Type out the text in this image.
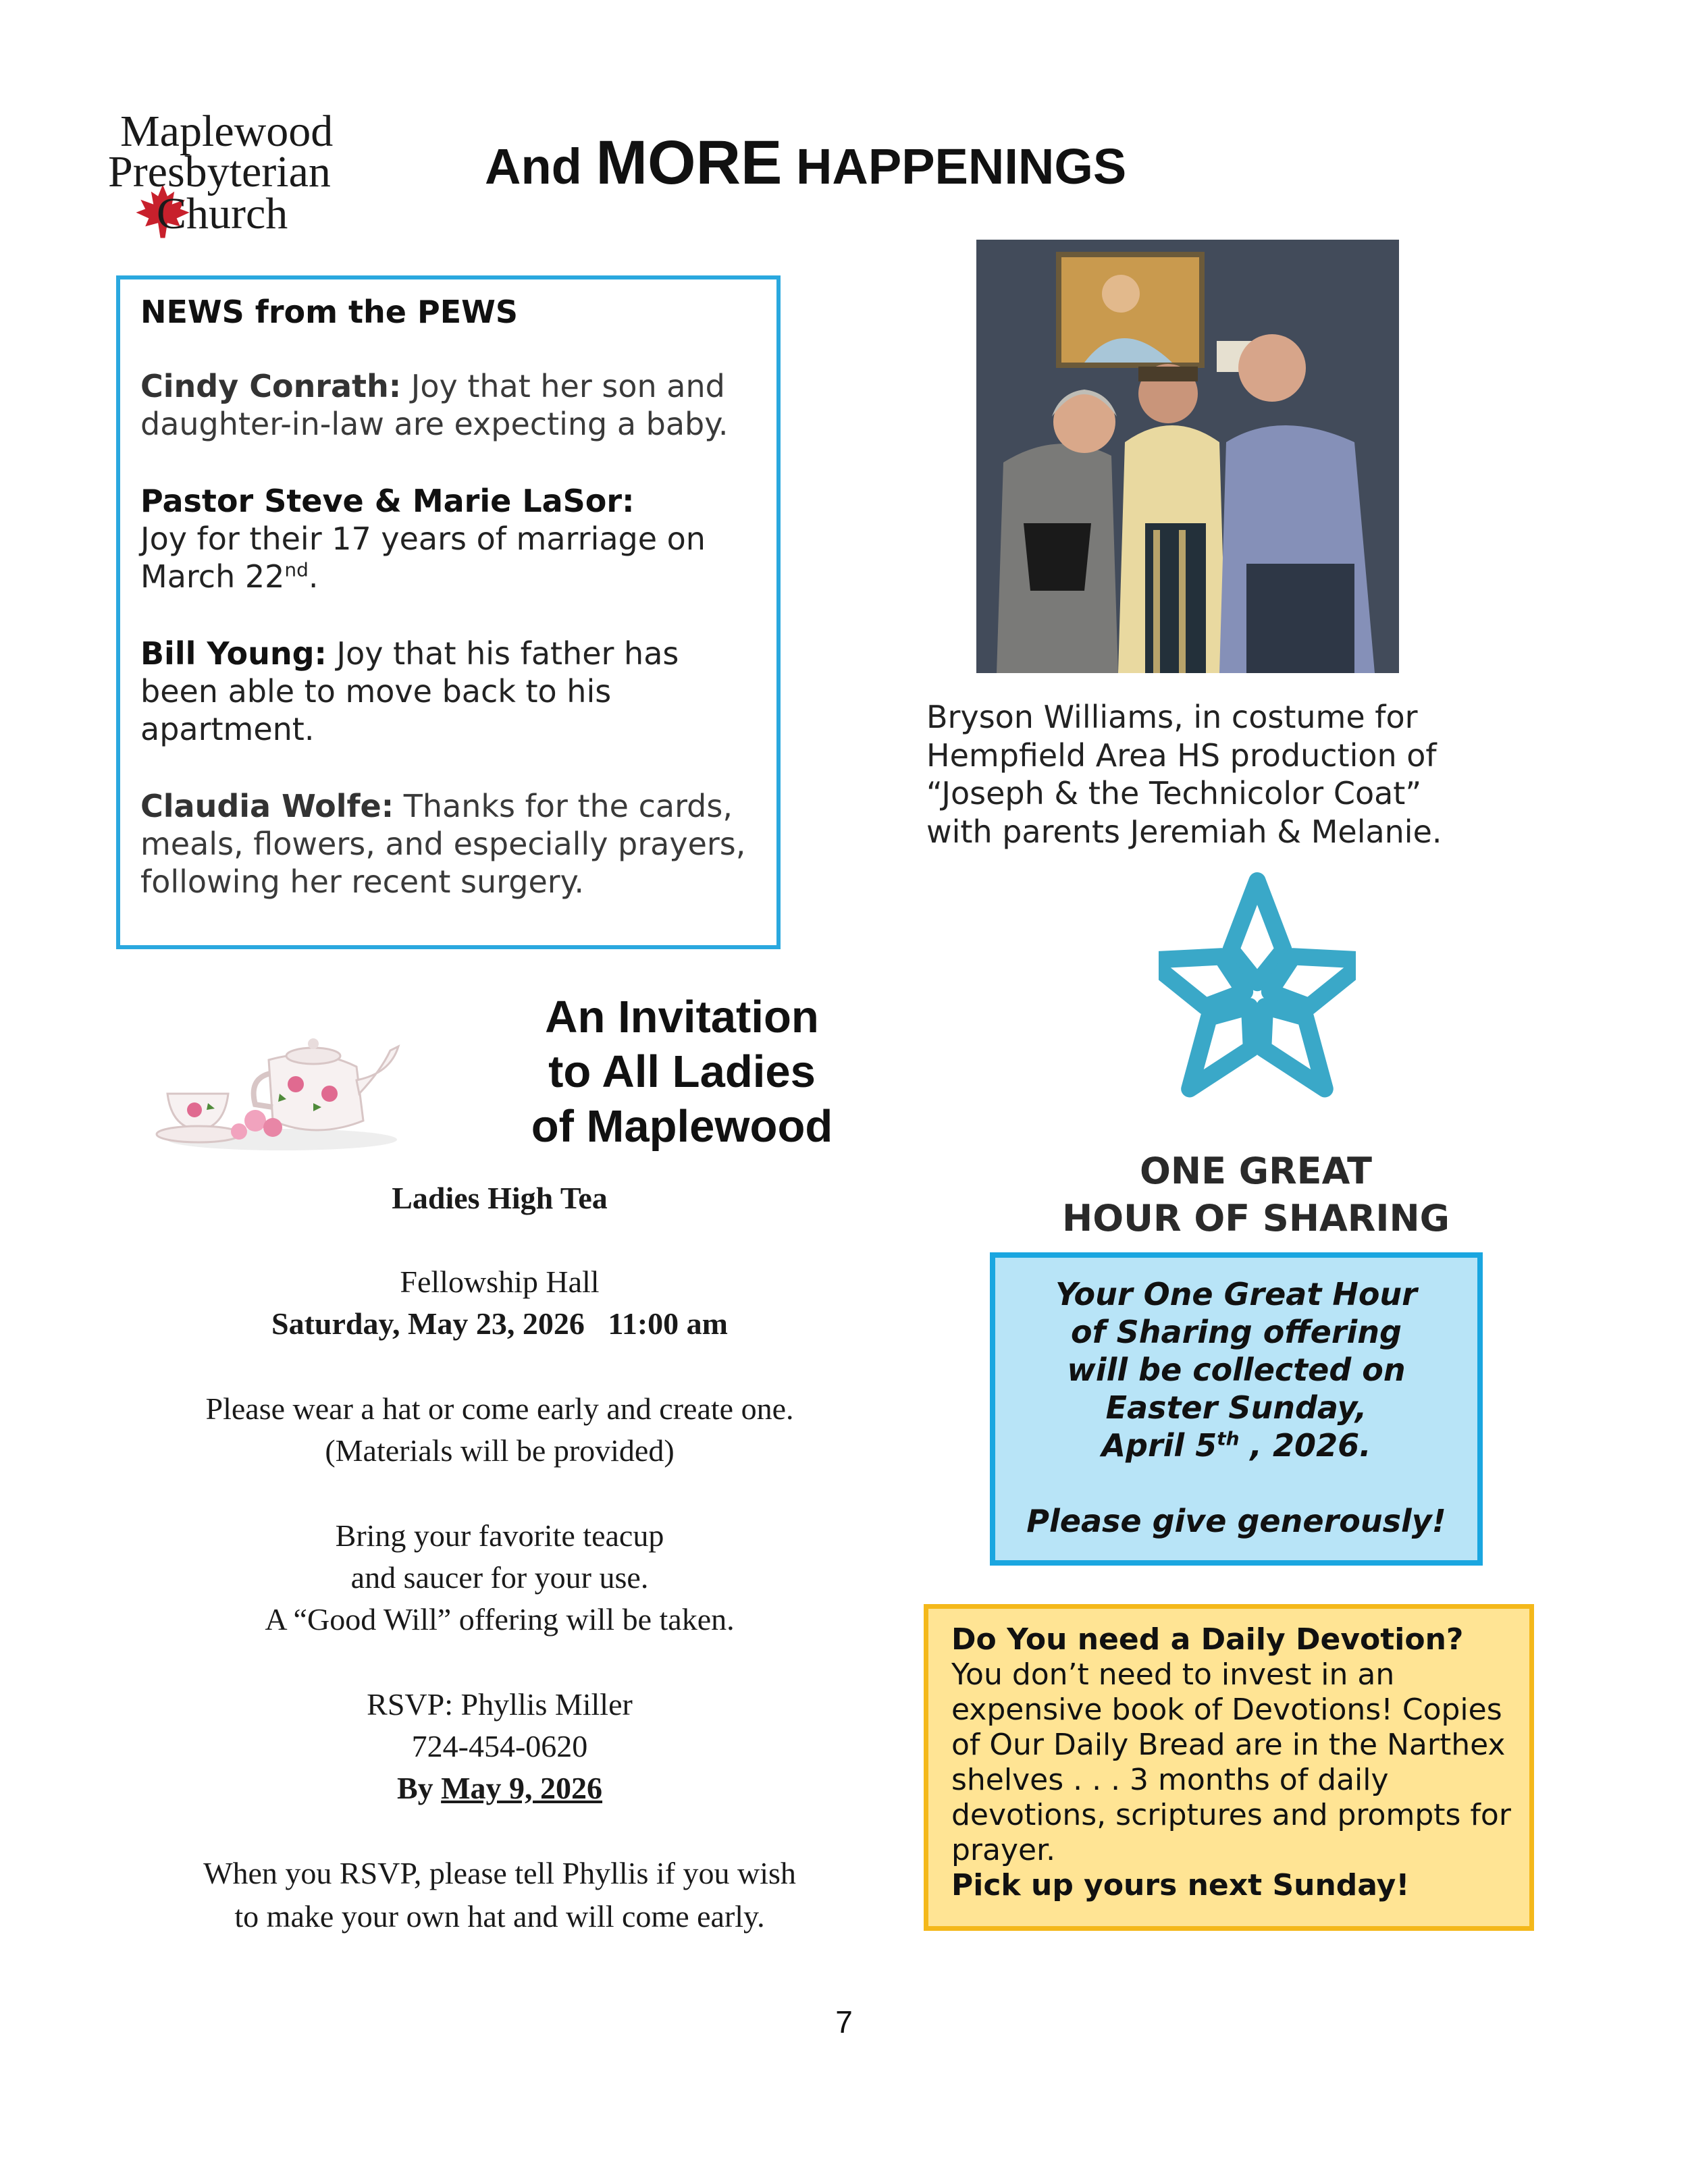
Maplewood
Presbyterian
Church
And MORE HAPPENINGS
NEWS from the PEWS
Cindy Conrath: Joy that her son and
daughter-in-law are expecting a baby.
Pastor Steve & Marie LaSor:
Joy for their 17 years of marriage on
March 22nd.
Bill Young: Joy that his father has
been able to move back to his
apartment.
Claudia Wolfe: Thanks for the cards,
meals, flowers, and especially prayers,
following her recent surgery.
Bryson Williams, in costume for
Hempfield Area HS production of
“Joseph & the Technicolor Coat”
with parents Jeremiah & Melanie.
ONE GREAT
HOUR OF SHARING
Your One Great Hour
of Sharing offering
will be collected on
Easter Sunday,
April 5th , 2026.
Please give generously!
An Invitation
to All Ladies
of Maplewood
Ladies High Tea
Fellowship Hall
Saturday, May 23, 2026   11:00 am
Please wear a hat or come early and create one.
(Materials will be provided)
Bring your favorite teacup
and saucer for your use.
A “Good Will” offering will be taken.
RSVP: Phyllis Miller
724-454-0620
By May 9, 2026
When you RSVP, please tell Phyllis if you wish
to make your own hat and will come early.
Do You need a Daily Devotion?
You don’t need to invest in an
expensive book of Devotions! Copies
of Our Daily Bread are in the Narthex
shelves . . . 3 months of daily
devotions, scriptures and prompts for
prayer.
Pick up yours next Sunday!
7
